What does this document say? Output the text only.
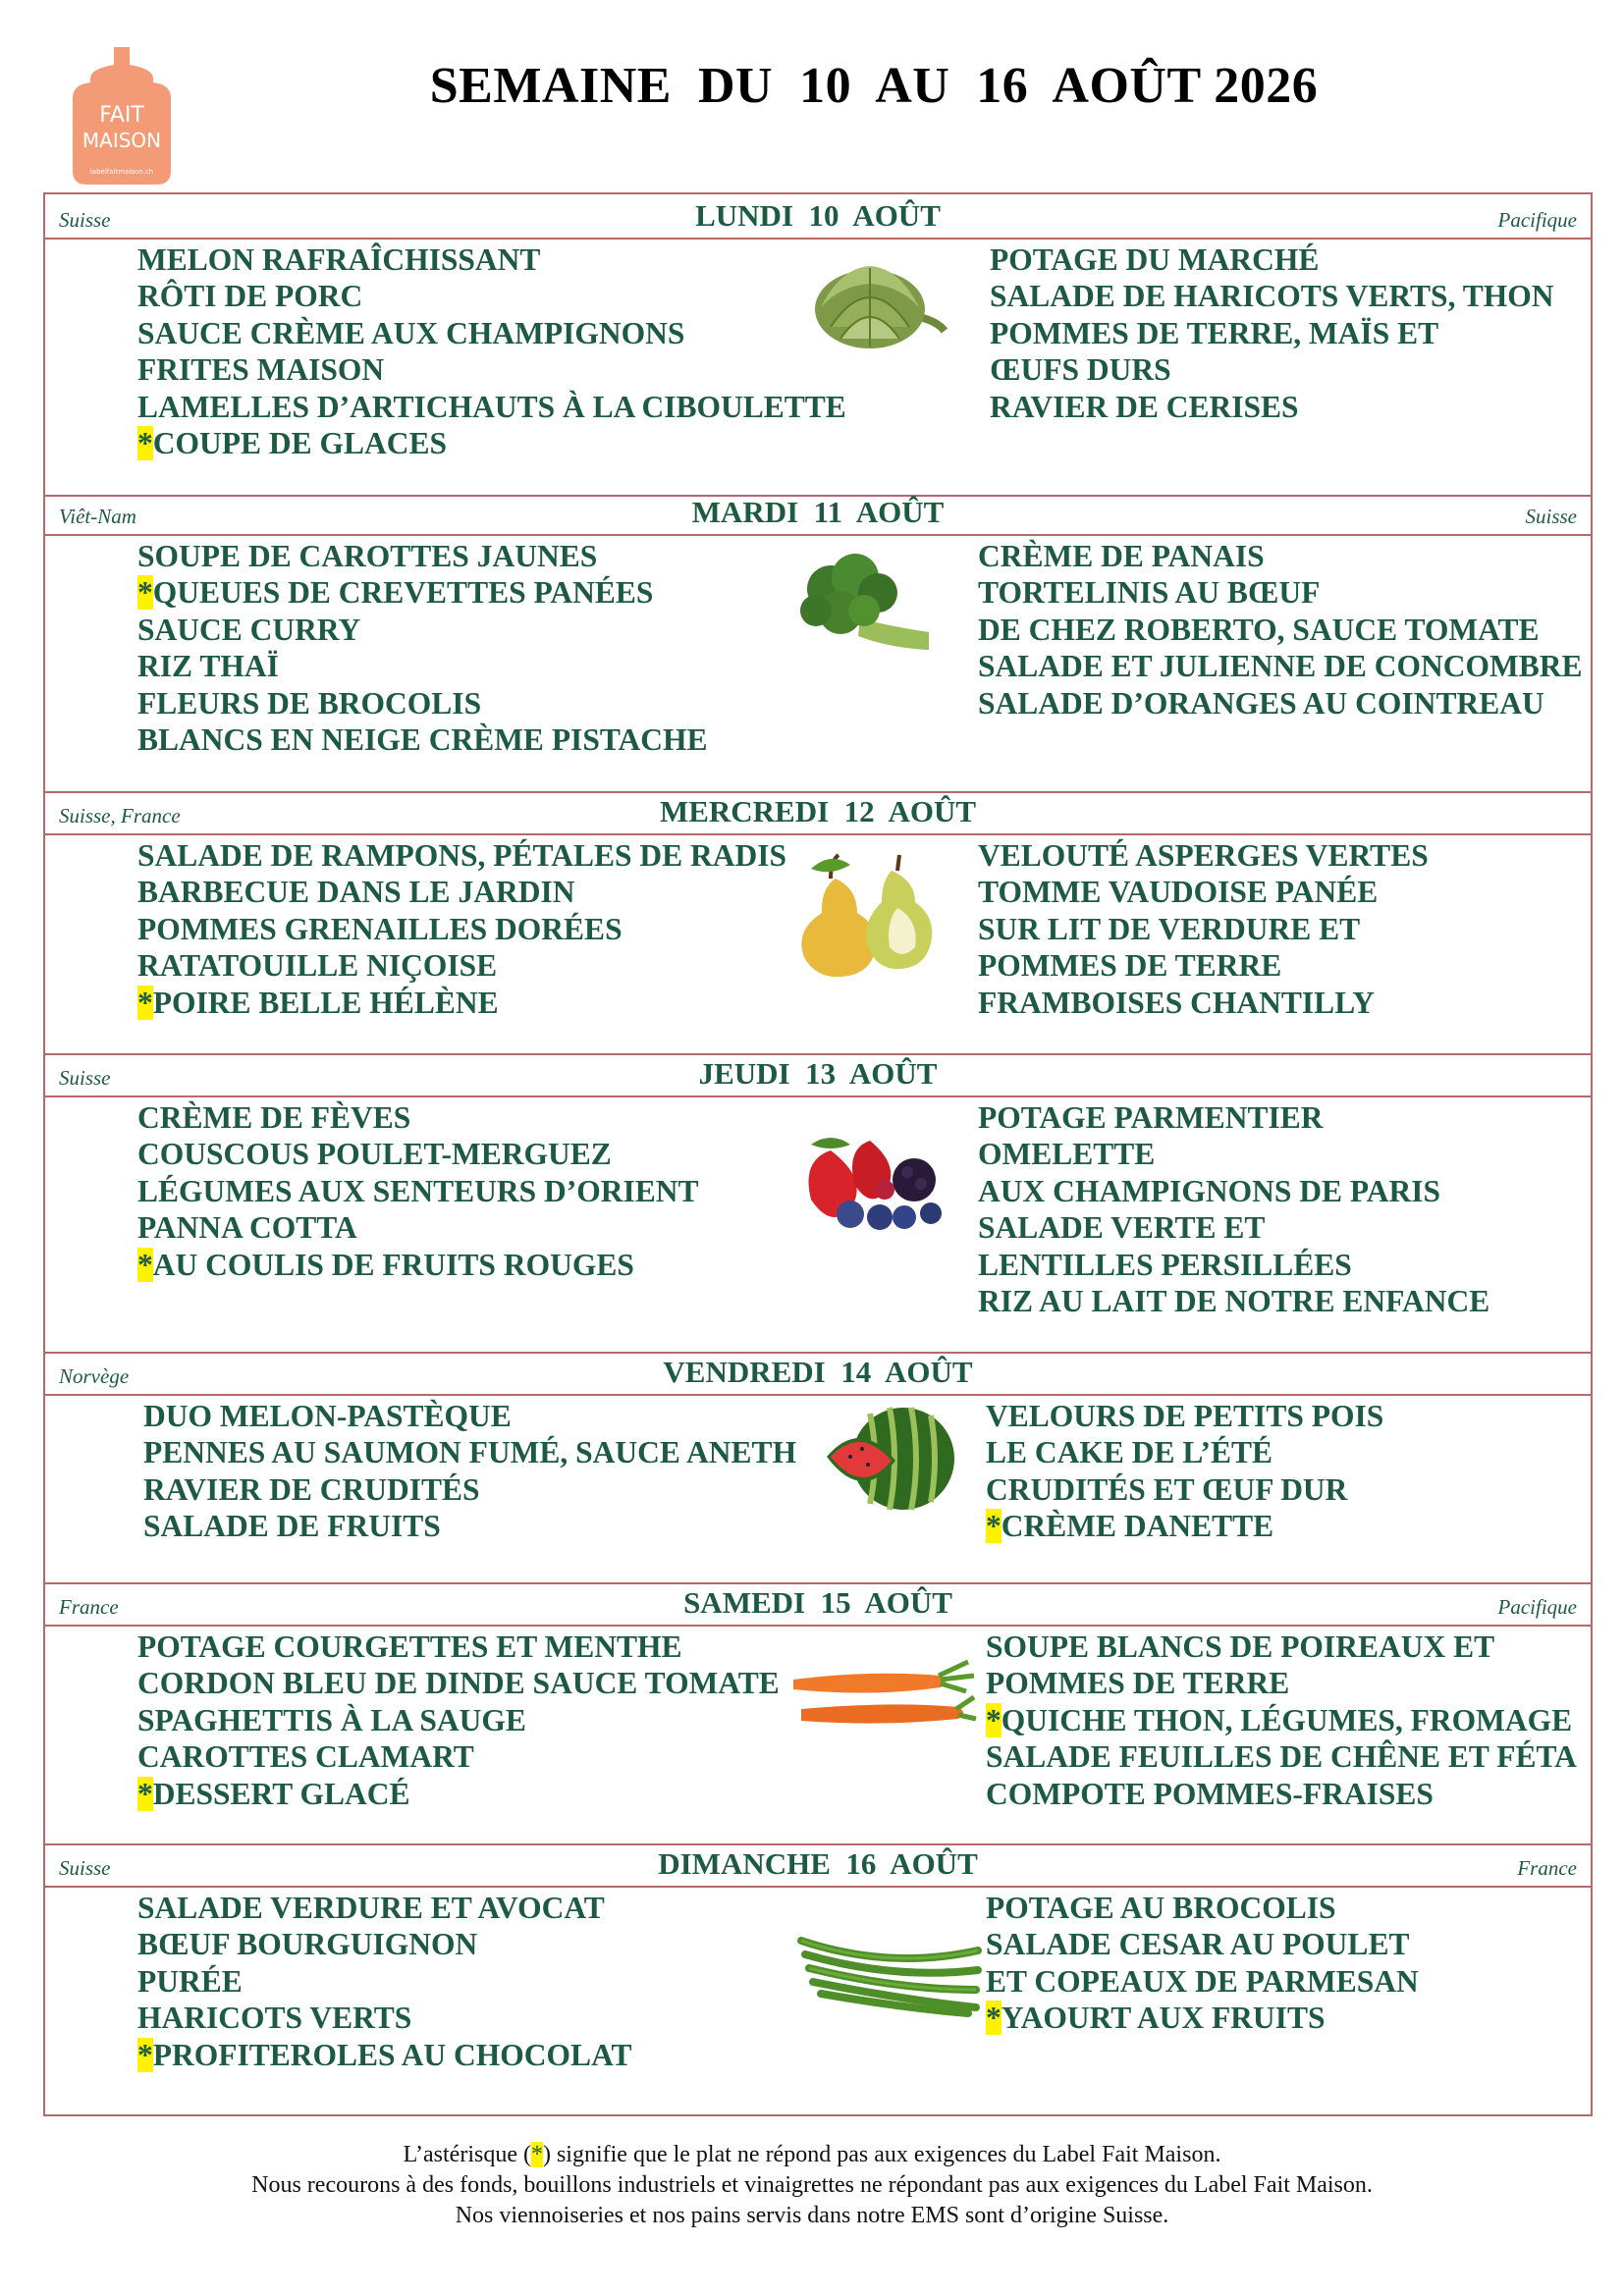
FAIT
MAISON
labelfaitmaison.ch
SEMAINE  DU  10  AU  16  AOÛT 2026
Suisse	LUNDI  10  AOÛT	Pacifique
MELON RAFRAÎCHISSANT
RÔTI DE PORC
SAUCE CRÈME AUX CHAMPIGNONS
FRITES MAISON
LAMELLES D’ARTICHAUTS À LA CIBOULETTE
*COUPE DE GLACES
POTAGE DU MARCHÉ
SALADE DE HARICOTS VERTS, THON
POMMES DE TERRE, MAÏS ET
ŒUFS DURS
RAVIER DE CERISES
Viêt-Nam	MARDI  11  AOÛT	Suisse
SOUPE DE CAROTTES JAUNES
*QUEUES DE CREVETTES PANÉES
SAUCE CURRY
RIZ THAÏ
FLEURS DE BROCOLIS
BLANCS EN NEIGE CRÈME PISTACHE
CRÈME DE PANAIS
TORTELINIS AU BŒUF
DE CHEZ ROBERTO, SAUCE TOMATE
SALADE ET JULIENNE DE CONCOMBRE
SALADE D’ORANGES AU COINTREAU
Suisse, France	MERCREDI  12  AOÛT
SALADE DE RAMPONS, PÉTALES DE RADIS
BARBECUE DANS LE JARDIN
POMMES GRENAILLES DORÉES
RATATOUILLE NIÇOISE
*POIRE BELLE HÉLÈNE
VELOUTÉ ASPERGES VERTES
TOMME VAUDOISE PANÉE
SUR LIT DE VERDURE ET
POMMES DE TERRE
FRAMBOISES CHANTILLY
Suisse	JEUDI  13  AOÛT
CRÈME DE FÈVES
COUSCOUS POULET-MERGUEZ
LÉGUMES AUX SENTEURS D’ORIENT
PANNA COTTA
*AU COULIS DE FRUITS ROUGES
POTAGE PARMENTIER
OMELETTE
AUX CHAMPIGNONS DE PARIS
SALADE VERTE ET
LENTILLES PERSILLÉES
RIZ AU LAIT DE NOTRE ENFANCE
Norvège	VENDREDI  14  AOÛT
DUO MELON-PASTÈQUE
PENNES AU SAUMON FUMÉ, SAUCE ANETH
RAVIER DE CRUDITÉS
SALADE DE FRUITS
VELOURS DE PETITS POIS
LE CAKE DE L’ÉTÉ
CRUDITÉS ET ŒUF DUR
*CRÈME DANETTE
France	SAMEDI  15  AOÛT	Pacifique
POTAGE COURGETTES ET MENTHE
CORDON BLEU DE DINDE SAUCE TOMATE
SPAGHETTIS À LA SAUGE
CAROTTES CLAMART
*DESSERT GLACÉ
SOUPE BLANCS DE POIREAUX ET
POMMES DE TERRE
*QUICHE THON, LÉGUMES, FROMAGE
SALADE FEUILLES DE CHÊNE ET FÉTA
COMPOTE POMMES-FRAISES
Suisse	DIMANCHE  16  AOÛT	France
SALADE VERDURE ET AVOCAT
BŒUF BOURGUIGNON
PURÉE
HARICOTS VERTS
*PROFITEROLES AU CHOCOLAT
POTAGE AU BROCOLIS
SALADE CESAR AU POULET
ET COPEAUX DE PARMESAN
*YAOURT AUX FRUITS

L’astérisque (*) signifie que le plat ne répond pas aux exigences du Label Fait Maison.

Nous recourons à des fonds, bouillons industriels et vinaigrettes ne répondant pas aux exigences du Label Fait Maison.

Nos viennoiseries et nos pains servis dans notre EMS sont d’origine Suisse.
